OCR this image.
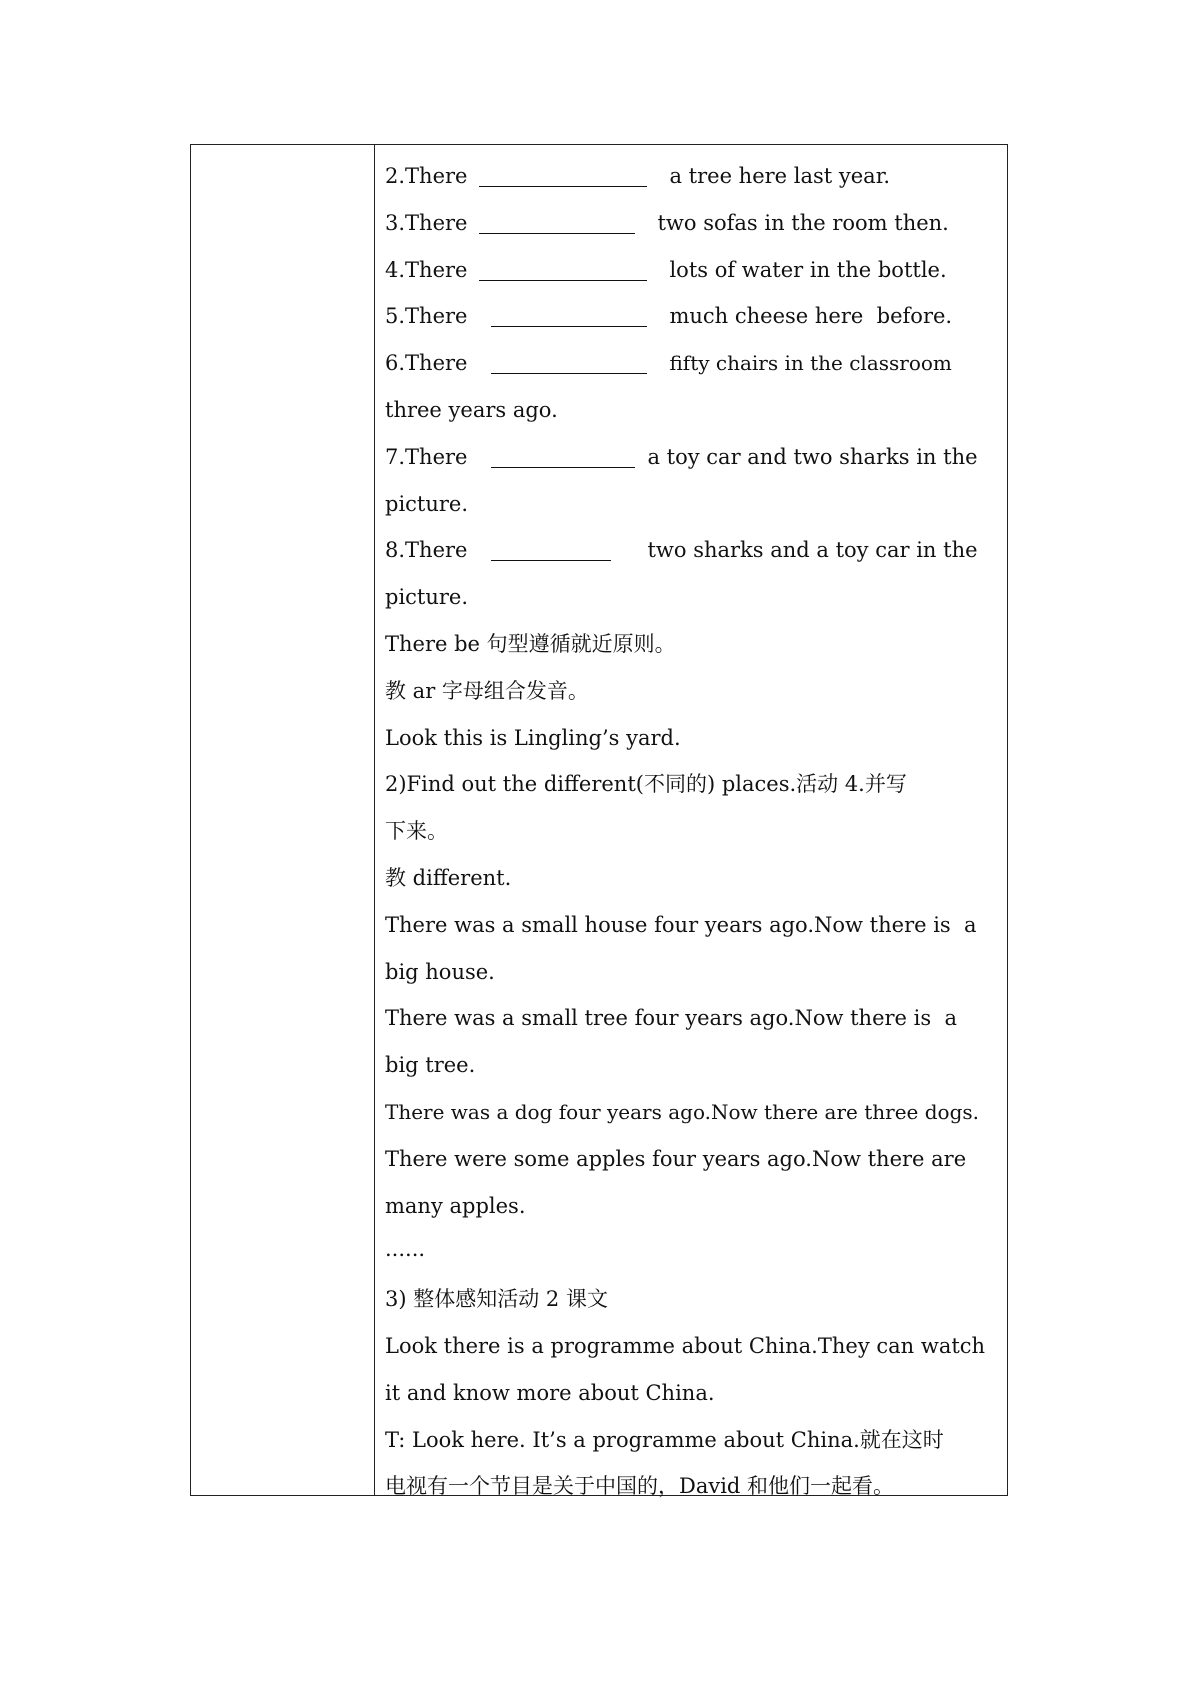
2.There	a tree here last year.
3.There	two sofas in the room then.
4.There	lots of water in the bottle.
5.There	much cheese here  before.
6.There	fifty chairs in the classroom
three years ago.
7.There	a toy car and two sharks in the
picture.
8.There	two sharks and a toy car in the
picture.
There be 句型遵循就近原则。
教 ar 字母组合发音。
Look this is Lingling’s yard.
2)Find out the different(不同的) places.活动 4.并写
下来。
教 different.
There was a small house four years ago.Now there is  a
big house.
There was a small tree four years ago.Now there is  a
big tree.
There was a dog four years ago.Now there are three dogs.
There were some apples four years ago.Now there are
many apples.
......
3) 整体感知活动 2 课文
Look there is a programme about China.They can watch
it and know more about China.
T: Look here. It’s a programme about China.就在这时
电视有一个节目是关于中国的，David 和他们一起看。
